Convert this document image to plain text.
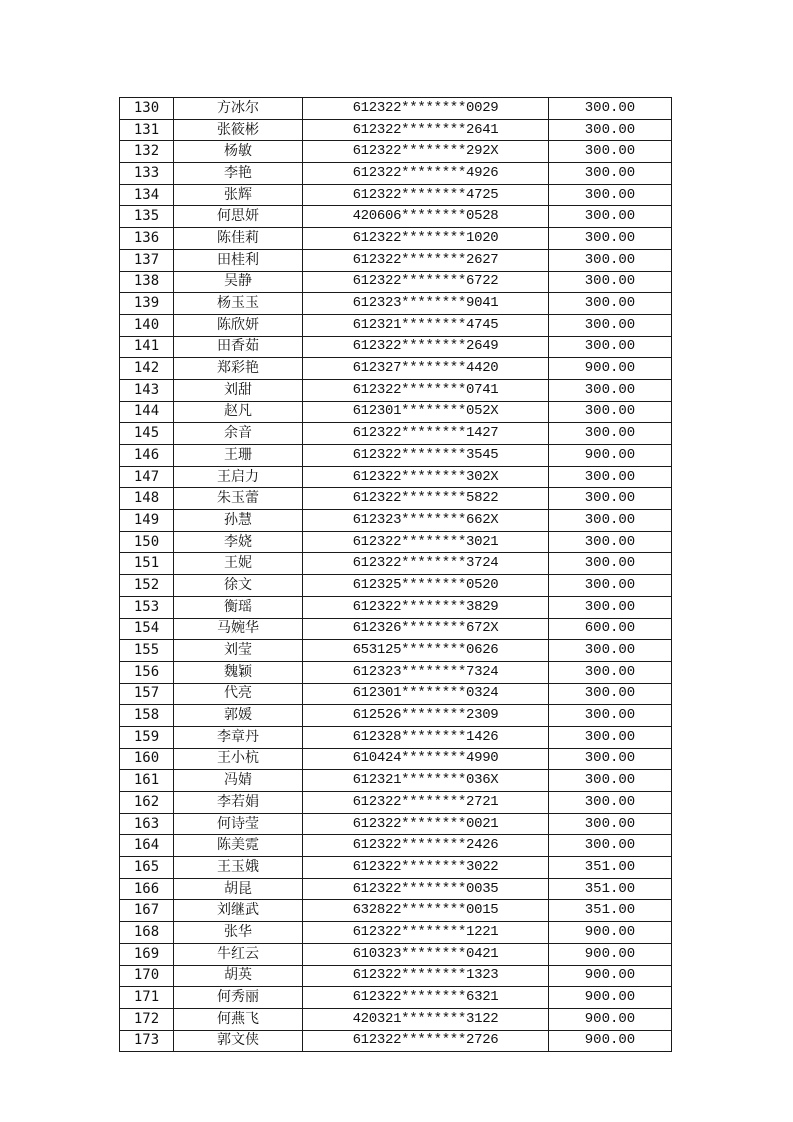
130	方冰尔	612322********0029	300.00
131	张筱彬	612322********2641	300.00
132	杨敏	612322********292X	300.00
133	李艳	612322********4926	300.00
134	张辉	612322********4725	300.00
135	何思妍	420606********0528	300.00
136	陈佳莉	612322********1020	300.00
137	田桂利	612322********2627	300.00
138	吴静	612322********6722	300.00
139	杨玉玉	612323********9041	300.00
140	陈欣妍	612321********4745	300.00
141	田香茹	612322********2649	300.00
142	郑彩艳	612327********4420	900.00
143	刘甜	612322********0741	300.00
144	赵凡	612301********052X	300.00
145	余音	612322********1427	300.00
146	王珊	612322********3545	900.00
147	王启力	612322********302X	300.00
148	朱玉蕾	612322********5822	300.00
149	孙慧	612323********662X	300.00
150	李娆	612322********3021	300.00
151	王妮	612322********3724	300.00
152	徐文	612325********0520	300.00
153	衡瑶	612322********3829	300.00
154	马婉华	612326********672X	600.00
155	刘莹	653125********0626	300.00
156	魏颖	612323********7324	300.00
157	代亮	612301********0324	300.00
158	郭媛	612526********2309	300.00
159	李章丹	612328********1426	300.00
160	王小杭	610424********4990	300.00
161	冯婧	612321********036X	300.00
162	李若娟	612322********2721	300.00
163	何诗莹	612322********0021	300.00
164	陈美霓	612322********2426	300.00
165	王玉娥	612322********3022	351.00
166	胡昆	612322********0035	351.00
167	刘继武	632822********0015	351.00
168	张华	612322********1221	900.00
169	牛红云	610323********0421	900.00
170	胡英	612322********1323	900.00
171	何秀丽	612322********6321	900.00
172	何燕飞	420321********3122	900.00
173	郭文侠	612322********2726	900.00
